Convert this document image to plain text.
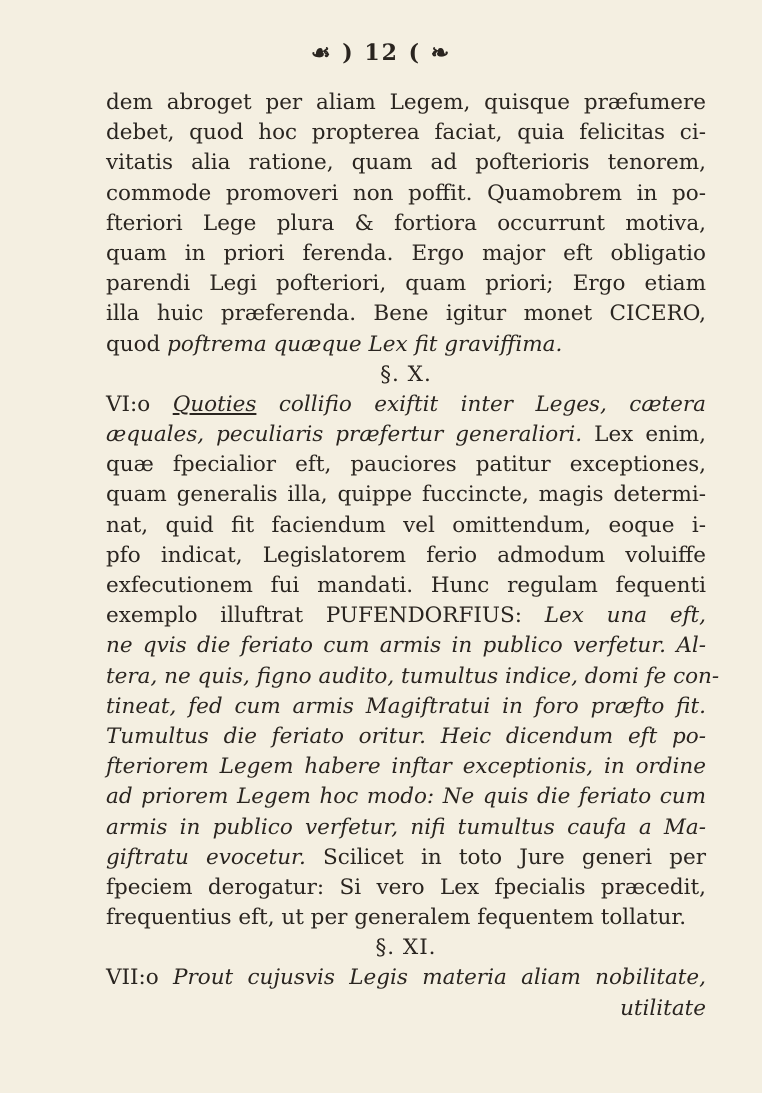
☙ ) 12 ( ❧
dem abroget per aliam Legem, quisque præfumere
debet, quod hoc propterea faciat, quia felicitas ci-
vitatis alia ratione, quam ad pofterioris tenorem,
commode promoveri non poffit. Quamobrem in po-
fteriori Lege plura & fortiora occurrunt motiva,
quam in priori ferenda. Ergo major eft obligatio
parendi Legi pofteriori, quam priori; Ergo etiam
illa huic præferenda. Bene igitur monet CICERO,
quod poftrema quæque Lex fit graviffima.
§. X.
VI:o Quoties collifio exiftit inter Leges, cætera
æquales, peculiaris præfertur generaliori. Lex enim,
quæ fpecialior eft, pauciores patitur exceptiones,
quam generalis illa, quippe fuccincte, magis determi-
nat, quid fit faciendum vel omittendum, eoque i-
pfo indicat, Legislatorem ferio admodum voluiffe
exfecutionem fui mandati. Hunc regulam fequenti
exemplo illuftrat PUFENDORFIUS: Lex una eft,
ne qvis die feriato cum armis in publico verfetur. Al-
tera, ne quis, figno audito, tumultus indice, domi fe con-
tineat, fed cum armis Magiftratui in foro præfto fit.
Tumultus die feriato oritur. Heic dicendum eft po-
fteriorem Legem habere inftar exceptionis, in ordine
ad priorem Legem hoc modo: Ne quis die feriato cum
armis in publico verfetur, nifi tumultus caufa a Ma-
giftratu evocetur. Scilicet in toto Jure generi per
fpeciem derogatur: Si vero Lex fpecialis præcedit,
frequentius eft, ut per generalem fequentem tollatur.
§. XI.
VII:o Prout cujusvis Legis materia aliam nobilitate,
utilitate
